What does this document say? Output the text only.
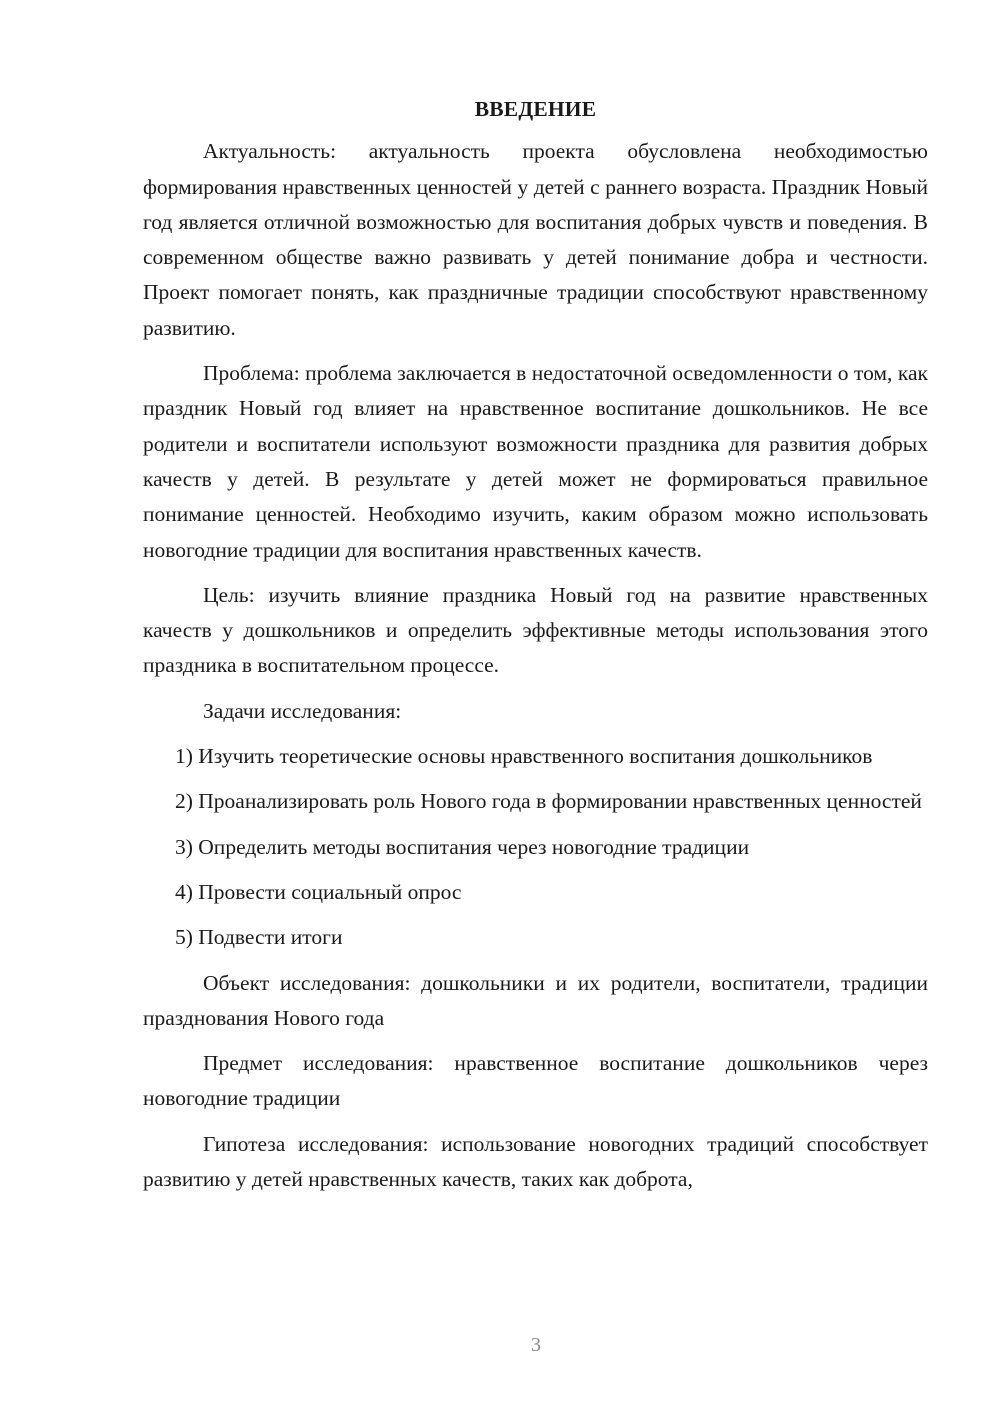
ВВЕДЕНИЕ

Актуальность: актуальность проекта обусловлена необходимостью формирования нравственных ценностей у детей с раннего возраста. Праздник Новый год является отличной возможностью для воспитания добрых чувств и поведения. В современном обществе важно развивать у детей понимание добра и честности. Проект помогает понять, как праздничные традиции способствуют нравственному развитию.

Проблема: проблема заключается в недостаточной осведомленности о том, как праздник Новый год влияет на нравственное воспитание дошкольников. Не все родители и воспитатели используют возможности праздника для развития добрых качеств у детей. В результате у детей может не формироваться правильное понимание ценностей. Необходимо изучить, каким образом можно использовать новогодние традиции для воспитания нравственных качеств.

Цель: изучить влияние праздника Новый год на развитие нравственных качеств у дошкольников и определить эффективные методы использования этого праздника в воспитательном процессе.

Задачи исследования:

1) Изучить теоретические основы нравственного воспитания дошкольников

2) Проанализировать роль Нового года в формировании нравственных ценностей

3) Определить методы воспитания через новогодние традиции

4) Провести социальный опрос

5) Подвести итоги

Объект исследования: дошкольники и их родители, воспитатели, традиции празднования Нового года

Предмет исследования: нравственное воспитание дошкольников через новогодние традиции

Гипотеза исследования: использование новогодних традиций способствует развитию у детей нравственных качеств, таких как доброта,

3
